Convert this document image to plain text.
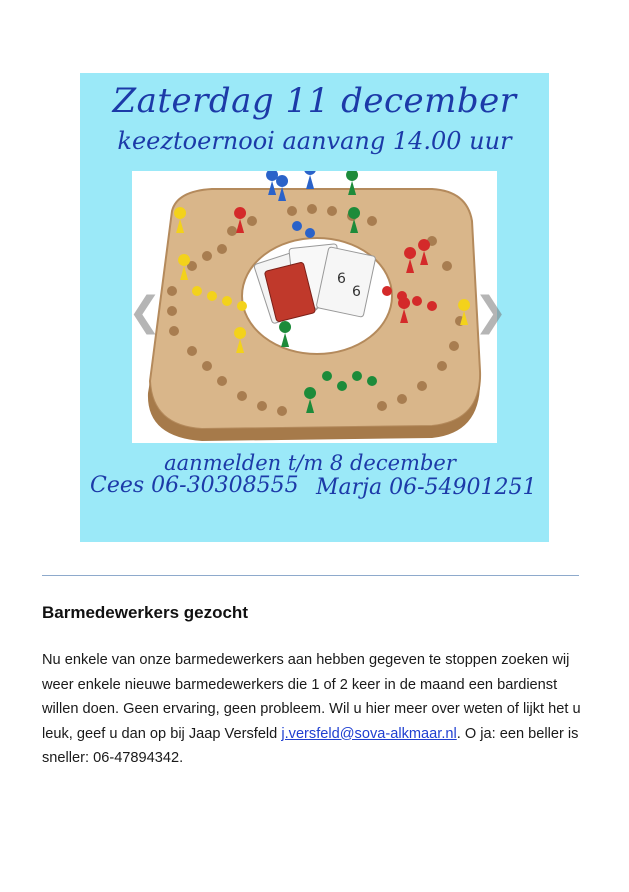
Zaterdag 11 december
keeztoernooi aanvang 14.00 uur
6
6
❮	❯
aanmelden t/m 8 december
Cees 06-30308555 Marja 06-54901251
Barmedewerkers gezocht

Nu enkele van onze barmedewerkers aan hebben gegeven te stoppen zoeken wij weer enkele nieuwe barmedewerkers die 1 of 2 keer in de maand een bardienst willen doen. Geen ervaring, geen probleem. Wil u hier meer over weten of lijkt het u leuk, geef u dan op bij Jaap Versfeld j.versfeld@sova-alkmaar.nl. O ja: een beller is sneller: 06-47894342.
